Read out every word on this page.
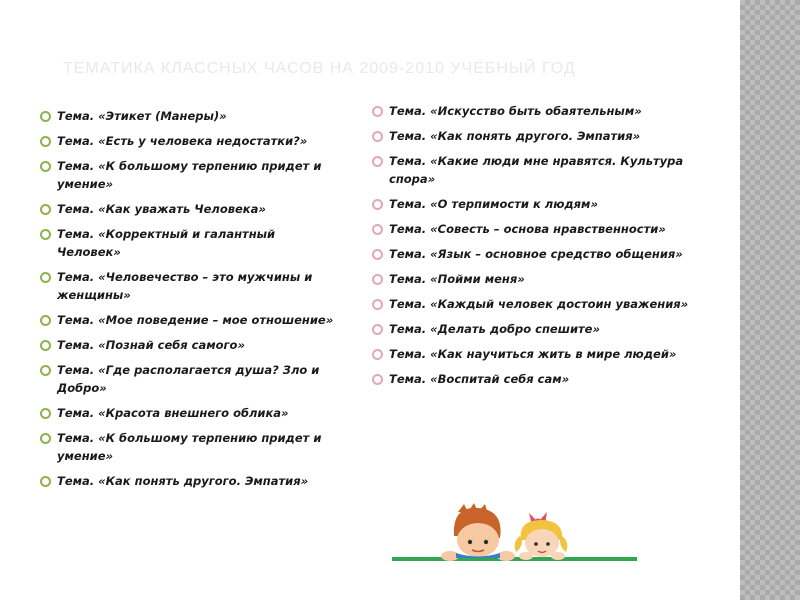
ТЕМАТИКА КЛАССНЫХ ЧАСОВ НА 2009-2010 УЧЕБНЫЙ ГОД
Тема. «Этикет (Манеры)»
Тема. «Есть у человека недостатки?»
Тема. «К большому терпению придет и умение»
Тема. «Как уважать Человека»
Тема. «Корректный и галантный Человек»
Тема. «Человечество – это мужчины и женщины»
Тема. «Мое поведение – мое отношение»
Тема. «Познай себя самого»
Тема. «Где располагается душа? Зло и Добро»
Тема. «Красота внешнего облика»
Тема. «К большому терпению придет и умение»
Тема. «Как понять другого. Эмпатия»
Тема. «Искусство быть обаятельным»
Тема. «Как понять другого. Эмпатия»
Тема. «Какие люди мне нравятся. Культура спора»
Тема. «О терпимости к людям»
Тема. «Совесть – основа нравственности»
Тема. «Язык – основное средство общения»
Тема. «Пойми меня»
Тема. «Каждый человек достоин уважения»
Тема. «Делать добро спешите»
Тема. «Как научиться жить в мире людей»
Тема. «Воспитай себя сам»
